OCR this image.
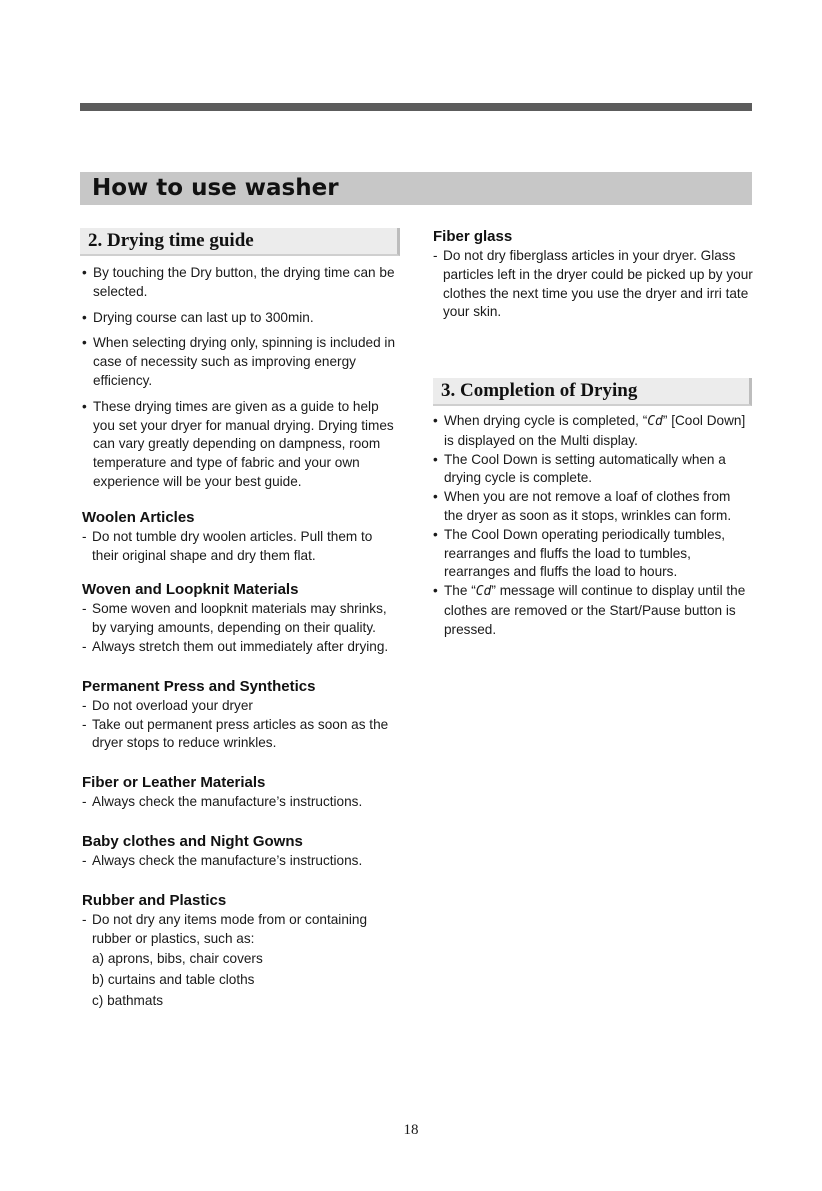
How to use washer
2. Drying time guide
3. Completion of Drying

• By touching the Dry button, the drying time can be selected.

• Drying course can last up to 300min.

• When selecting drying only, spinning is included in case of necessity such as improving energy efficiency.

• These drying times are given as a guide to help you set your dryer for manual drying. Drying times can vary greatly depending on dampness, room temperature and type of fabric and your own experience will be your best guide.

Woolen Articles

- Do not tumble dry woolen articles. Pull them to their original shape and dry them flat.

Woven and Loopknit Materials

- Some woven and loopknit materials may shrinks, by varying amounts, depending on their quality.

- Always stretch them out immediately after drying.

Permanent Press and Synthetics

- Do not overload your dryer

- Take out permanent press articles as soon as the dryer stops to reduce wrinkles.

Fiber or Leather Materials

- Always check the manufacture’s instructions.

Baby clothes and Night Gowns

- Always check the manufacture’s instructions.

Rubber and Plastics

- Do not dry any items mode from or containing rubber or plastics, such as:

a) aprons, bibs, chair covers

b) curtains and table cloths

c) bathmats

Fiber glass

- Do not dry fiberglass articles in your dryer. Glass particles left in the dryer could be picked up by your clothes the next time you use the dryer and irri tate your skin.

• When drying cycle is completed, “Cd” [Cool Down] is displayed on the Multi display.

• The Cool Down is setting automatically when a drying cycle is complete.

• When you are not remove a loaf of clothes from the dryer as soon as it stops, wrinkles can form.

• The Cool Down operating periodically tumbles, rearranges and fluffs the load to tumbles, rearranges and fluffs the load to hours.

• The “Cd” message will continue to display until the clothes are removed or the Start/Pause button is pressed.

18
